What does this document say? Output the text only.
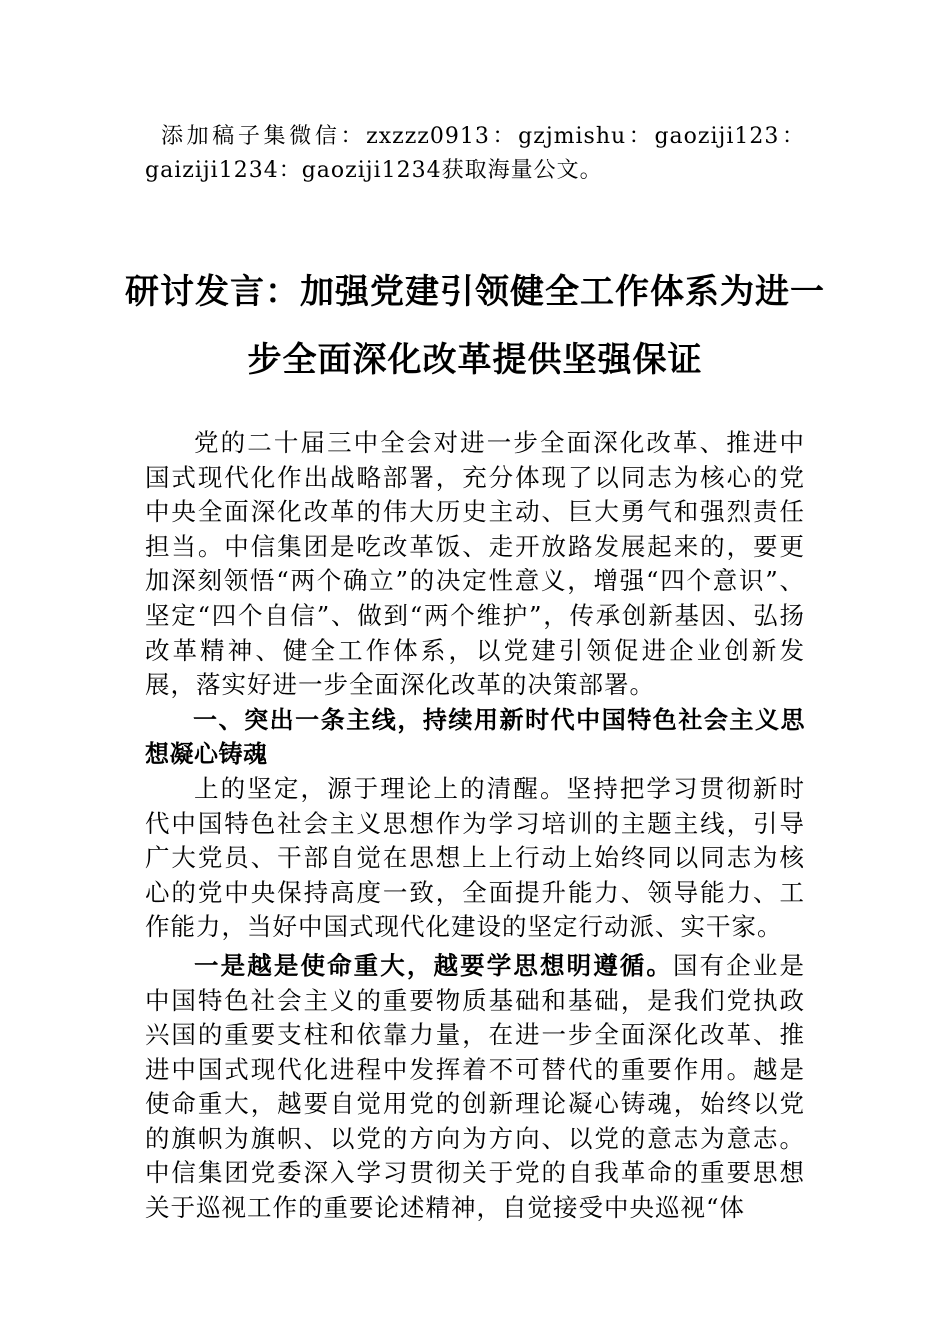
添加稿子集微信：zxzzz0913：gzjmishu：gaoziji123：gaiziji1234：gaoziji1234获取海量公文。
研讨发言：加强党建引领健全工作体系为进一步全面深化改革提供坚强保证

党的二十届三中全会对进一步全面深化改革、推进中国式现代化作出战略部署，充分体现了以同志为核心的党中央全面深化改革的伟大历史主动、巨大勇气和强烈责任担当。中信集团是吃改革饭、走开放路发展起来的，要更加深刻领悟“两个确立”的决定性意义，增强“四个意识”、坚定“四个自信”、做到“两个维护”，传承创新基因、弘扬改革精神、健全工作体系，以党建引领促进企业创新发展，落实好进一步全面深化改革的决策部署。

一、突出一条主线，持续用新时代中国特色社会主义思想凝心铸魂

上的坚定，源于理论上的清醒。坚持把学习贯彻新时代中国特色社会主义思想作为学习培训的主题主线，引导广大党员、干部自觉在思想上上行动上始终同以同志为核心的党中央保持高度一致，全面提升能力、领导能力、工作能力，当好中国式现代化建设的坚定行动派、实干家。

一是越是使命重大，越要学思想明遵循。国有企业是中国特色社会主义的重要物质基础和基础，是我们党执政兴国的重要支柱和依靠力量，在进一步全面深化改革、推进中国式现代化进程中发挥着不可替代的重要作用。越是使命重大，越要自觉用党的创新理论凝心铸魂，始终以党的旗帜为旗帜、以党的方向为方向、以党的意志为意志。中信集团党委深入学习贯彻关于党的自我革命的重要思想关于巡视工作的重要论述精神，自觉接受中央巡视“体
